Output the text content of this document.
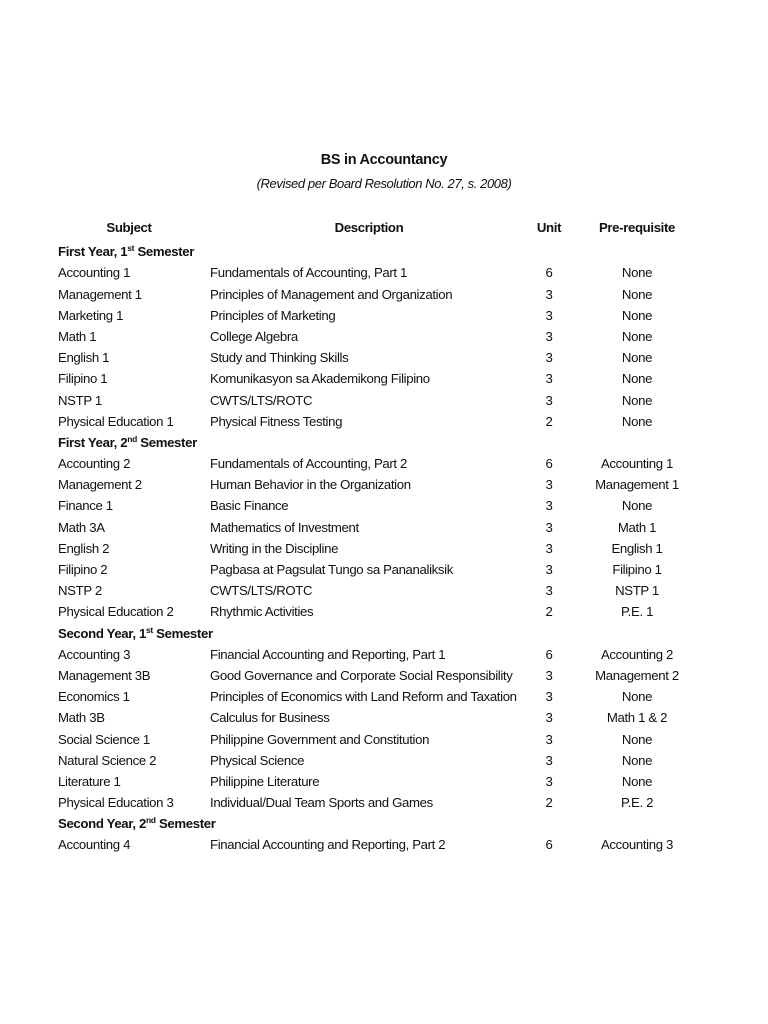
BS in Accountancy
(Revised per Board Resolution No. 27, s. 2008)
Subject	Description	Unit	Pre-requisite
First Year, 1st Semester
Accounting 1	Fundamentals of Accounting, Part 1	6	None
Management 1	Principles of Management and Organization	3	None
Marketing 1	Principles of Marketing	3	None
Math 1	College Algebra	3	None
English 1	Study and Thinking Skills	3	None
Filipino 1	Komunikasyon sa Akademikong Filipino	3	None
NSTP 1	CWTS/LTS/ROTC	3	None
Physical Education 1	Physical Fitness Testing	2	None
First Year, 2nd Semester
Accounting 2	Fundamentals of Accounting, Part 2	6	Accounting 1
Management 2	Human Behavior in the Organization	3	Management 1
Finance 1	Basic Finance	3	None
Math 3A	Mathematics of Investment	3	Math 1
English 2	Writing in the Discipline	3	English 1
Filipino 2	Pagbasa at Pagsulat Tungo sa Pananaliksik	3	Filipino 1
NSTP 2	CWTS/LTS/ROTC	3	NSTP 1
Physical Education 2	Rhythmic Activities	2	P.E. 1
Second Year, 1st Semester
Accounting 3	Financial Accounting and Reporting, Part 1	6	Accounting 2
Management 3B	Good Governance and Corporate Social Responsibility	3	Management 2
Economics 1	Principles of Economics with Land Reform and Taxation	3	None
Math 3B	Calculus for Business	3	Math 1 & 2
Social Science 1	Philippine Government and Constitution	3	None
Natural Science 2	Physical Science	3	None
Literature 1	Philippine Literature	3	None
Physical Education 3	Individual/Dual Team Sports and Games	2	P.E. 2
Second Year, 2nd Semester
Accounting 4	Financial Accounting and Reporting, Part 2	6	Accounting 3
